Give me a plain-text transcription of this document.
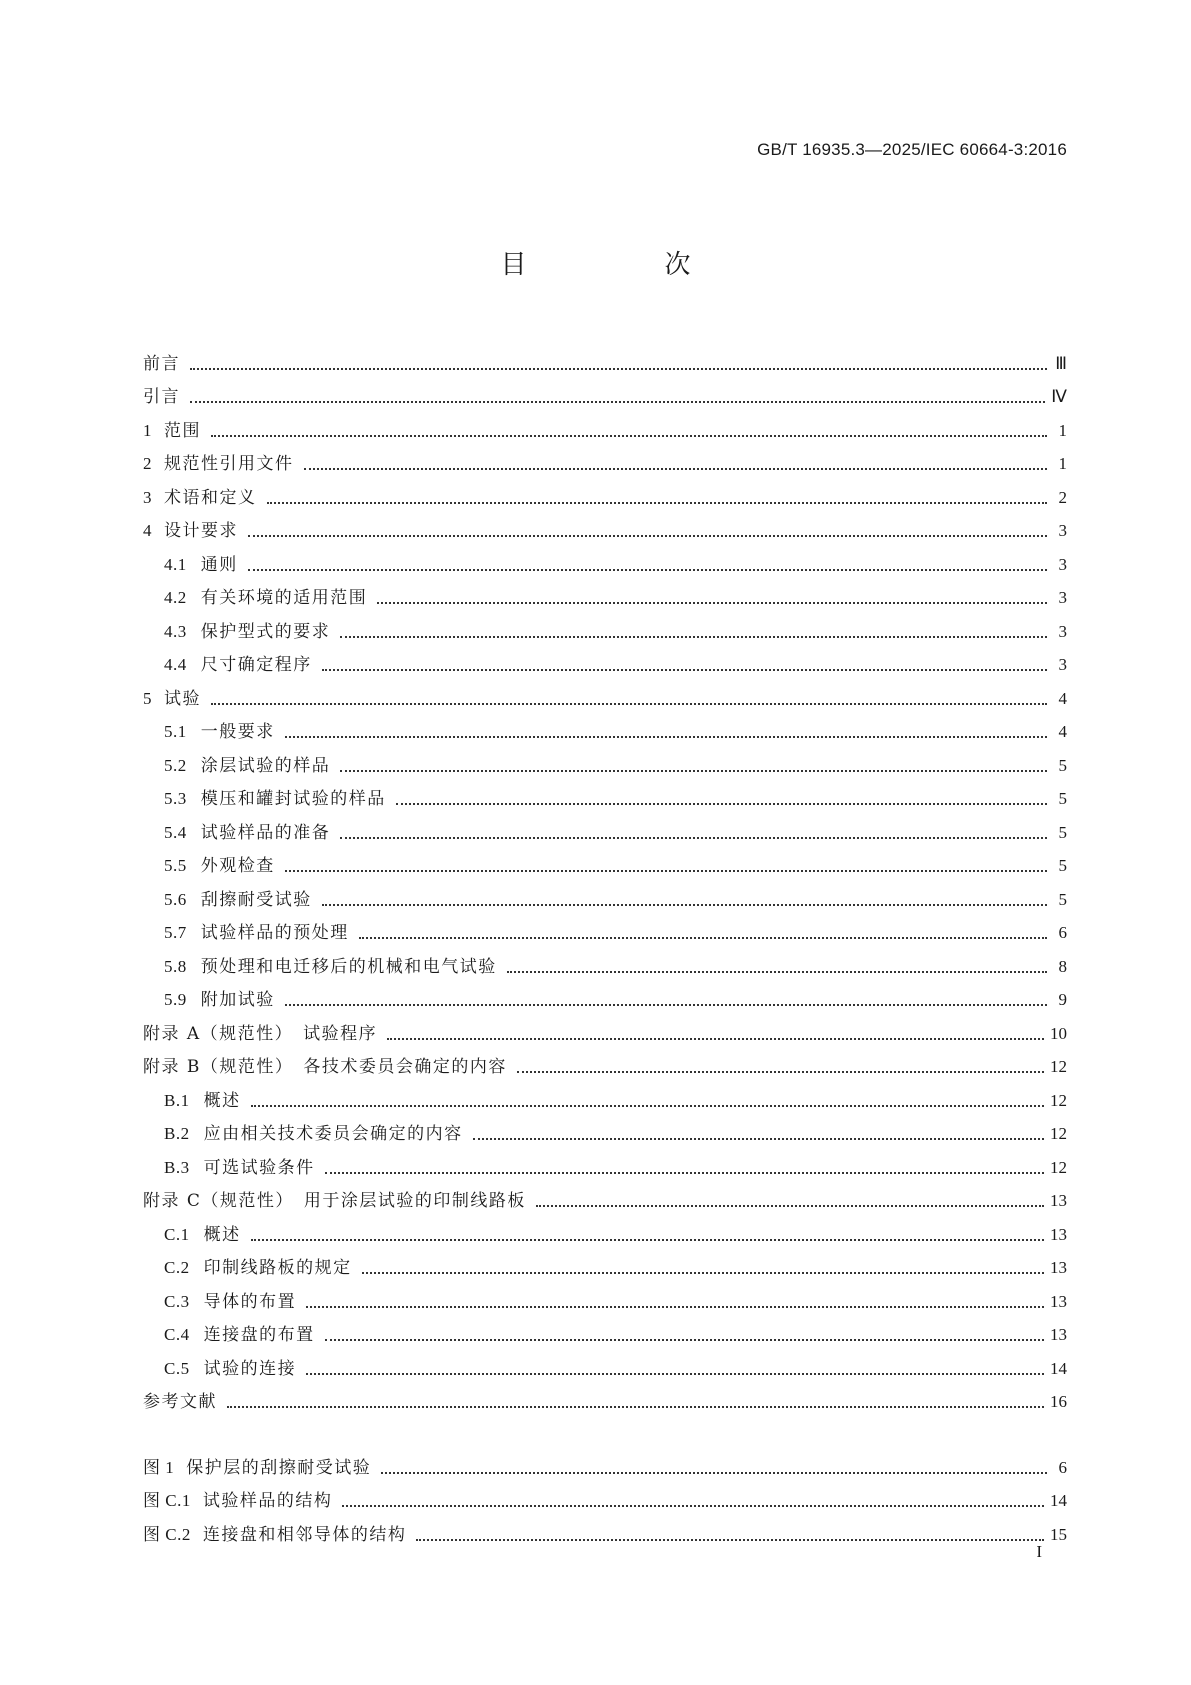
GB/T 16935.3—2025/IEC 60664-3:2016
目　次
前言	Ⅲ
引言	Ⅳ
1 范围	1
2 规范性引用文件	1
3 术语和定义	2
4 设计要求	3
4.1 通则	3
4.2 有关环境的适用范围	3
4.3 保护型式的要求	3
4.4 尺寸确定程序	3
5 试验	4
5.1 一般要求	4
5.2 涂层试验的样品	5
5.3 模压和罐封试验的样品	5
5.4 试验样品的准备	5
5.5 外观检查	5
5.6 刮擦耐受试验	5
5.7 试验样品的预处理	6
5.8 预处理和电迁移后的机械和电气试验	8
5.9 附加试验	9
附录 A（规范性）　试验程序	10
附录 B（规范性）　各技术委员会确定的内容	12
B.1 概述	12
B.2 应由相关技术委员会确定的内容	12
B.3 可选试验条件	12
附录 C（规范性）　用于涂层试验的印制线路板	13
C.1 概述	13
C.2 印制线路板的规定	13
C.3 导体的布置	13
C.4 连接盘的布置	13
C.5 试验的连接	14
参考文献	16
图 1 保护层的刮擦耐受试验	6
图 C.1 试验样品的结构	14
图 C.2 连接盘和相邻导体的结构	15
I
